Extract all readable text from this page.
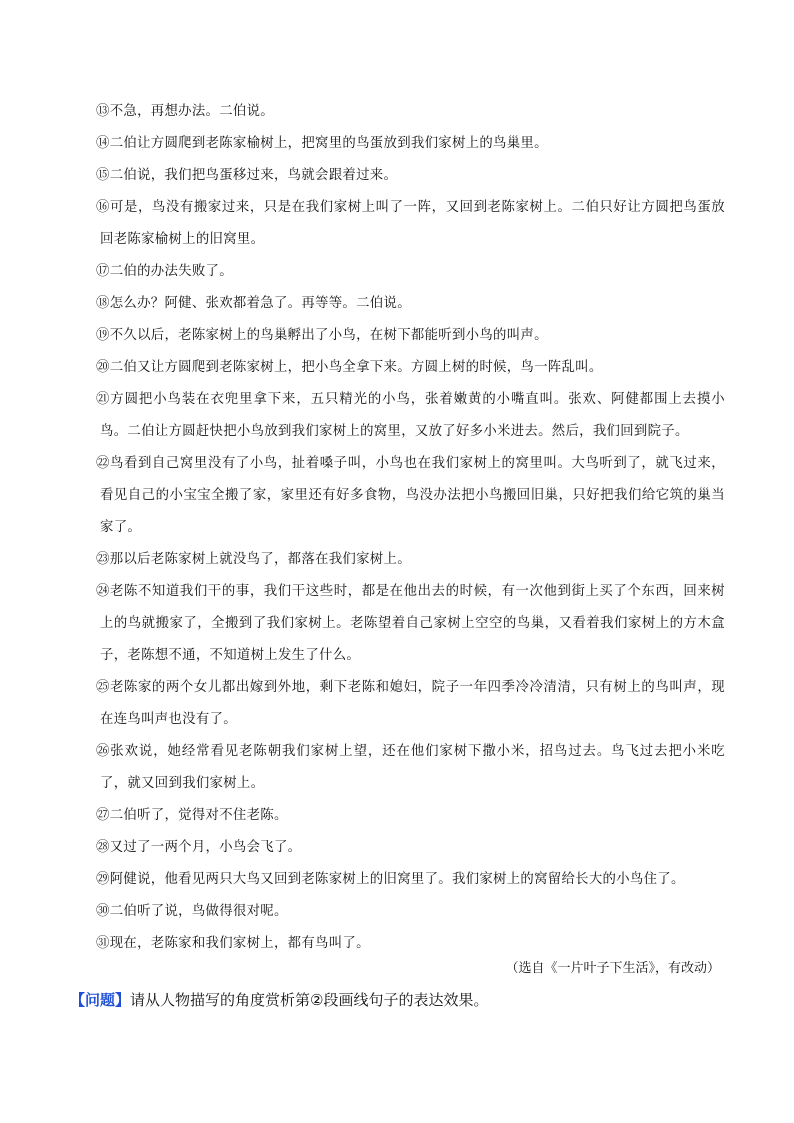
⑬不急，再想办法。二伯说。
⑭二伯让方圆爬到老陈家榆树上，把窝里的鸟蛋放到我们家树上的鸟巢里。
⑮二伯说，我们把鸟蛋移过来，鸟就会跟着过来。
⑯可是，鸟没有搬家过来，只是在我们家树上叫了一阵，又回到老陈家树上。二伯只好让方圆把鸟蛋放回老陈家榆树上的旧窝里。
⑰二伯的办法失败了。
⑱怎么办？阿健、张欢都着急了。再等等。二伯说。
⑲不久以后，老陈家树上的鸟巢孵出了小鸟，在树下都能听到小鸟的叫声。
⑳二伯又让方圆爬到老陈家树上，把小鸟全拿下来。方圆上树的时候，鸟一阵乱叫。
㉑方圆把小鸟装在衣兜里拿下来，五只精光的小鸟，张着嫩黄的小嘴直叫。张欢、阿健都围上去摸小鸟。二伯让方圆赶快把小鸟放到我们家树上的窝里，又放了好多小米进去。然后，我们回到院子。
㉒鸟看到自己窝里没有了小鸟，扯着嗓子叫，小鸟也在我们家树上的窝里叫。大鸟听到了，就飞过来，看见自己的小宝宝全搬了家，家里还有好多食物，鸟没办法把小鸟搬回旧巢，只好把我们给它筑的巢当家了。
㉓那以后老陈家树上就没鸟了，都落在我们家树上。
㉔老陈不知道我们干的事，我们干这些时，都是在他出去的时候，有一次他到街上买了个东西，回来树上的鸟就搬家了，全搬到了我们家树上。老陈望着自己家树上空空的鸟巢，又看着我们家树上的方木盒子，老陈想不通，不知道树上发生了什么。
㉕老陈家的两个女儿都出嫁到外地，剩下老陈和媳妇，院子一年四季冷冷清清，只有树上的鸟叫声，现在连鸟叫声也没有了。
㉖张欢说，她经常看见老陈朝我们家树上望，还在他们家树下撒小米，招鸟过去。鸟飞过去把小米吃了，就又回到我们家树上。
㉗二伯听了，觉得对不住老陈。
㉘又过了一两个月，小鸟会飞了。
㉙阿健说，他看见两只大鸟又回到老陈家树上的旧窝里了。我们家树上的窝留给长大的小鸟住了。
㉚二伯听了说，鸟做得很对呢。
㉛现在，老陈家和我们家树上，都有鸟叫了。
（选自《一片叶子下生活》，有改动）
【问题】请从人物描写的角度赏析第②段画线句子的表达效果。
